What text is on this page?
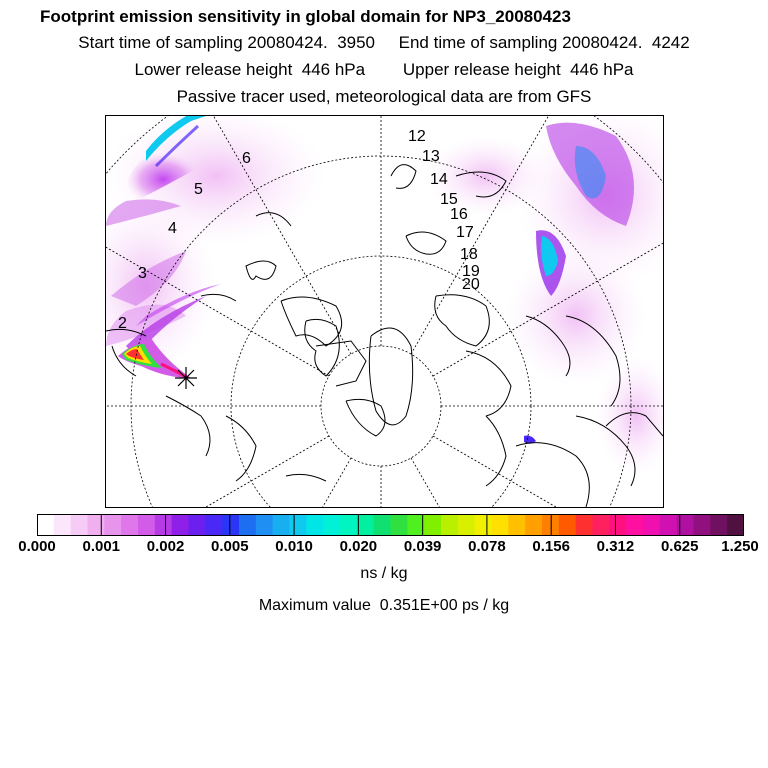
Footprint emission sensitivity in global domain for NP3_20080423
Start time of sampling 20080424.  3950     End time of sampling 20080424.  4242
Lower release height  446 hPa        Upper release height  446 hPa
Passive tracer used, meteorological data are from GFS
2
3
4
5
6
12
13
14
15
16
17
18
19
20
0.000 0.001 0.002 0.005 0.010 0.020 0.039 0.078 0.156 0.312 0.625 1.250
ns / kg
Maximum value  0.351E+00 ps / kg
